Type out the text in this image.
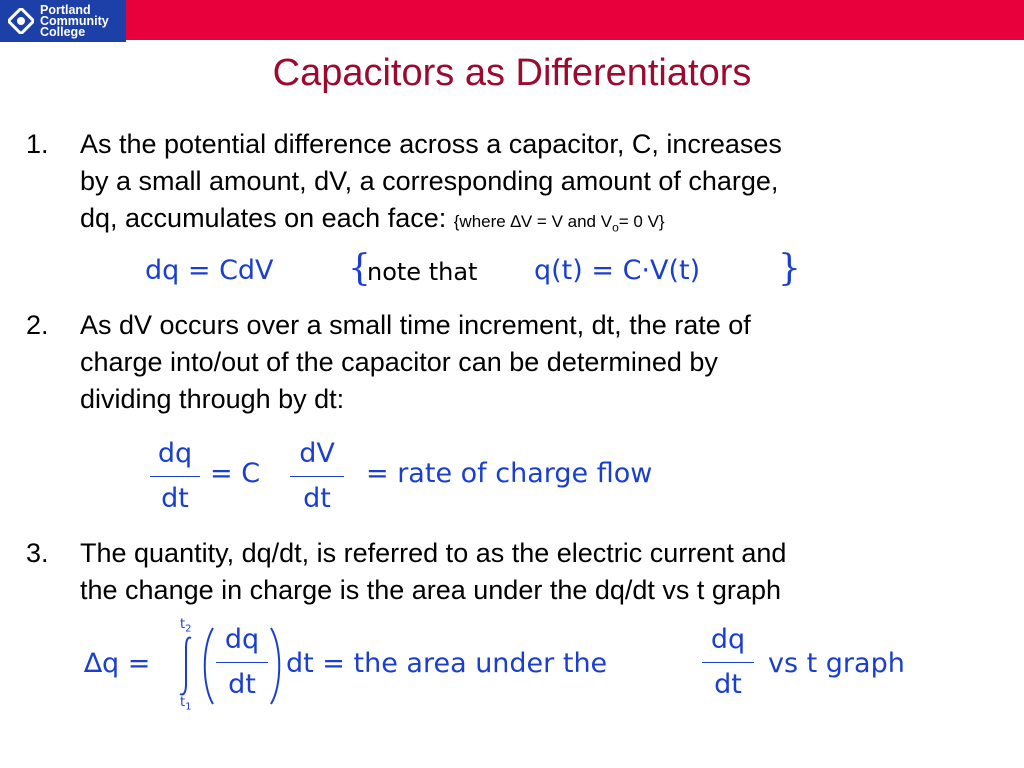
Portland
Community
College
Capacitors as Differentiators
1.	As the potential difference across a capacitor, C, increases
by a small amount, dV, a corresponding amount of charge,
dq, accumulates on each face: {where ∆V = V and $V_o= 0$ V}
dq = CdV {
note that q(t) = C·V(t) }
2.	As dV occurs over a small time increment, dt, the rate of
charge into/out of the capacitor can be determined by
dividing through by dt:
dq
dt
= C
dV
dt
= rate of charge flow
3.	The quantity, dq/dt, is referred to as the electric current and
the change in charge is the area under the dq/dt vs t graph
∆q =
$t_2$
$t_1$
dq
dt
dt = the area under the
dq
dt
vs t graph
